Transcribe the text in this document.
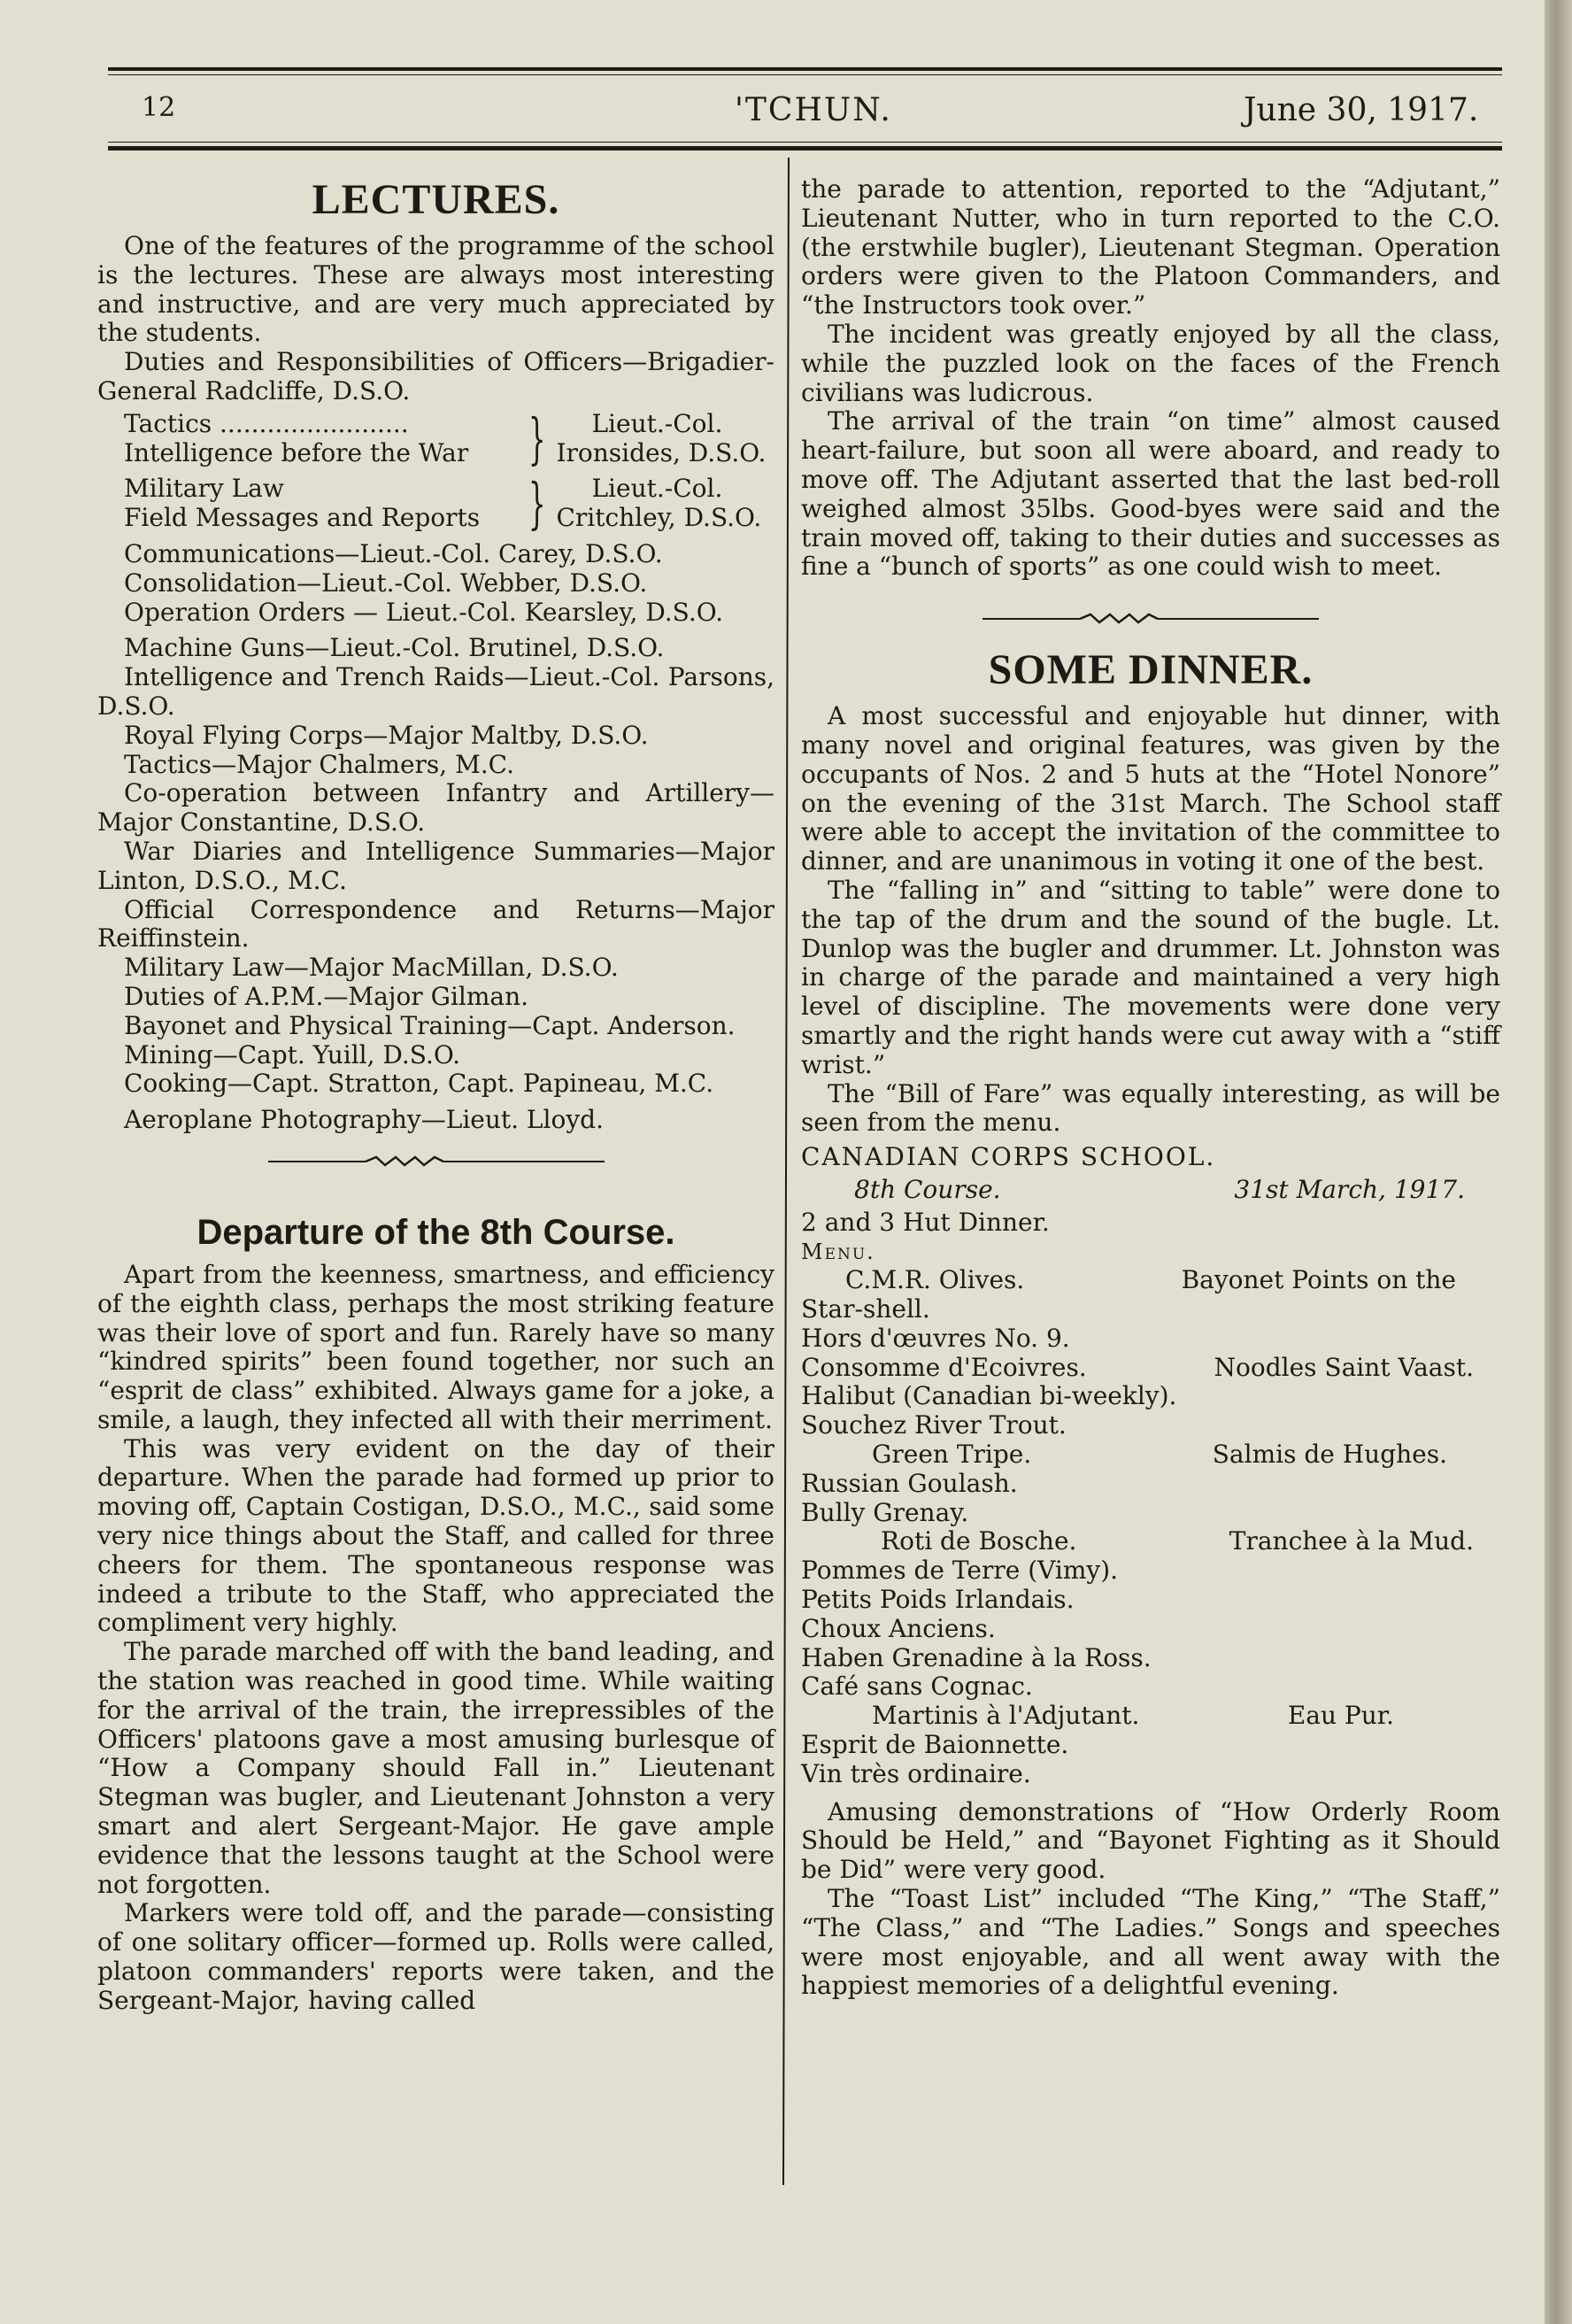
12	'TCHUN.	June 30, 1917.
LECTURES.

One of the features of the programme of the school is the lectures. These are always most interesting and instructive, and are very much appreciated by the students.

Duties and Responsibilities of Officers—Brigadier-General Radcliffe, D.S.O.

Tactics ........................
Intelligence before the War	}	Lieut.-Col.
Ironsides, D.S.O.
Military Law
Field Messages and Reports }	Lieut.-Col.
Critchley, D.S.O.

Communications—Lieut.-Col. Carey, D.S.O.

Consolidation—Lieut.-Col. Webber, D.S.O.

Operation Orders — Lieut.-Col. Kearsley, D.S.O.

Machine Guns—Lieut.-Col. Brutinel, D.S.O.

Intelligence and Trench Raids—Lieut.-Col. Parsons, D.S.O.

Royal Flying Corps—Major Maltby, D.S.O.

Tactics—Major Chalmers, M.C.

Co-operation between Infantry and Artillery—Major Constantine, D.S.O.

War Diaries and Intelligence Summaries—Major Linton, D.S.O., M.C.

Official Correspondence and Returns—Major Reiffinstein.

Military Law—Major MacMillan, D.S.O.

Duties of A.P.M.—Major Gilman.

Bayonet and Physical Training—Capt. Anderson.

Mining—Capt. Yuill, D.S.O.

Cooking—Capt. Stratton, Capt. Papineau, M.C.

Aeroplane Photography—Lieut. Lloyd.

Departure of the 8th Course.

Apart from the keenness, smartness, and efficiency of the eighth class, perhaps the most striking feature was their love of sport and fun. Rarely have so many “kindred spirits” been found together, nor such an “esprit de class” exhibited. Always game for a joke, a smile, a laugh, they infected all with their merriment.

This was very evident on the day of their departure. When the parade had formed up prior to moving off, Captain Costigan, D.S.O., M.C., said some very nice things about the Staff, and called for three cheers for them. The spontaneous response was indeed a tribute to the Staff, who appreciated the compliment very highly.

The parade marched off with the band leading, and the station was reached in good time. While waiting for the arrival of the train, the irrepressibles of the Officers' platoons gave a most amusing burlesque of “How a Company should Fall in.” Lieutenant Stegman was bugler, and Lieutenant Johnston a very smart and alert Sergeant-Major. He gave ample evidence that the lessons taught at the School were not forgotten.

Markers were told off, and the parade—consisting of one solitary officer—formed up. Rolls were called, platoon commanders' reports were taken, and the Sergeant-Major, having called

the parade to attention, reported to the “Adjutant,” Lieutenant Nutter, who in turn reported to the C.O. (the erstwhile bugler), Lieutenant Stegman. Operation orders were given to the Platoon Commanders, and “the Instructors took over.”

The incident was greatly enjoyed by all the class, while the puzzled look on the faces of the French civilians was ludicrous.

The arrival of the train “on time” almost caused heart-failure, but soon all were aboard, and ready to move off. The Adjutant asserted that the last bed-roll weighed almost 35lbs. Good-byes were said and the train moved off, taking to their duties and successes as fine a “bunch of sports” as one could wish to meet.

SOME DINNER.

A most successful and enjoyable hut dinner, with many novel and original features, was given by the occupants of Nos. 2 and 5 huts at the “Hotel Nonore” on the evening of the 31st March. The School staff were able to accept the invitation of the committee to dinner, and are unanimous in voting it one of the best.

The “falling in” and “sitting to table” were done to the tap of the drum and the sound of the bugle. Lt. Dunlop was the bugler and drummer. Lt. Johnston was in charge of the parade and maintained a very high level of discipline. The movements were done very smartly and the right hands were cut away with a “stiff wrist.”

The “Bill of Fare” was equally interesting, as will be seen from the menu.

CANADIAN CORPS SCHOOL.

8th Course.	31st March, 1917.

2 and 3 Hut Dinner.

Menu.

C.M.R. Olives.	Bayonet Points on the

Star-shell.

Hors d'œuvres No. 9.

Consomme d'Ecoivres.	Noodles Saint Vaast.

Halibut (Canadian bi-weekly).

Souchez River Trout.

Green Tripe.	Salmis de Hughes.

Russian Goulash.

Bully Grenay.

Roti de Bosche.	Tranchee à la Mud.

Pommes de Terre (Vimy).

Petits Poids Irlandais.

Choux Anciens.

Haben Grenadine à la Ross.

Café sans Cognac.

Martinis à l'Adjutant.	Eau Pur.

Esprit de Baionnette.

Vin très ordinaire.

Amusing demonstrations of “How Orderly Room Should be Held,” and “Bayonet Fighting as it Should be Did” were very good.

The “Toast List” included “The King,” “The Staff,” “The Class,” and “The Ladies.” Songs and speeches were most enjoyable, and all went away with the happiest memories of a delightful evening.
